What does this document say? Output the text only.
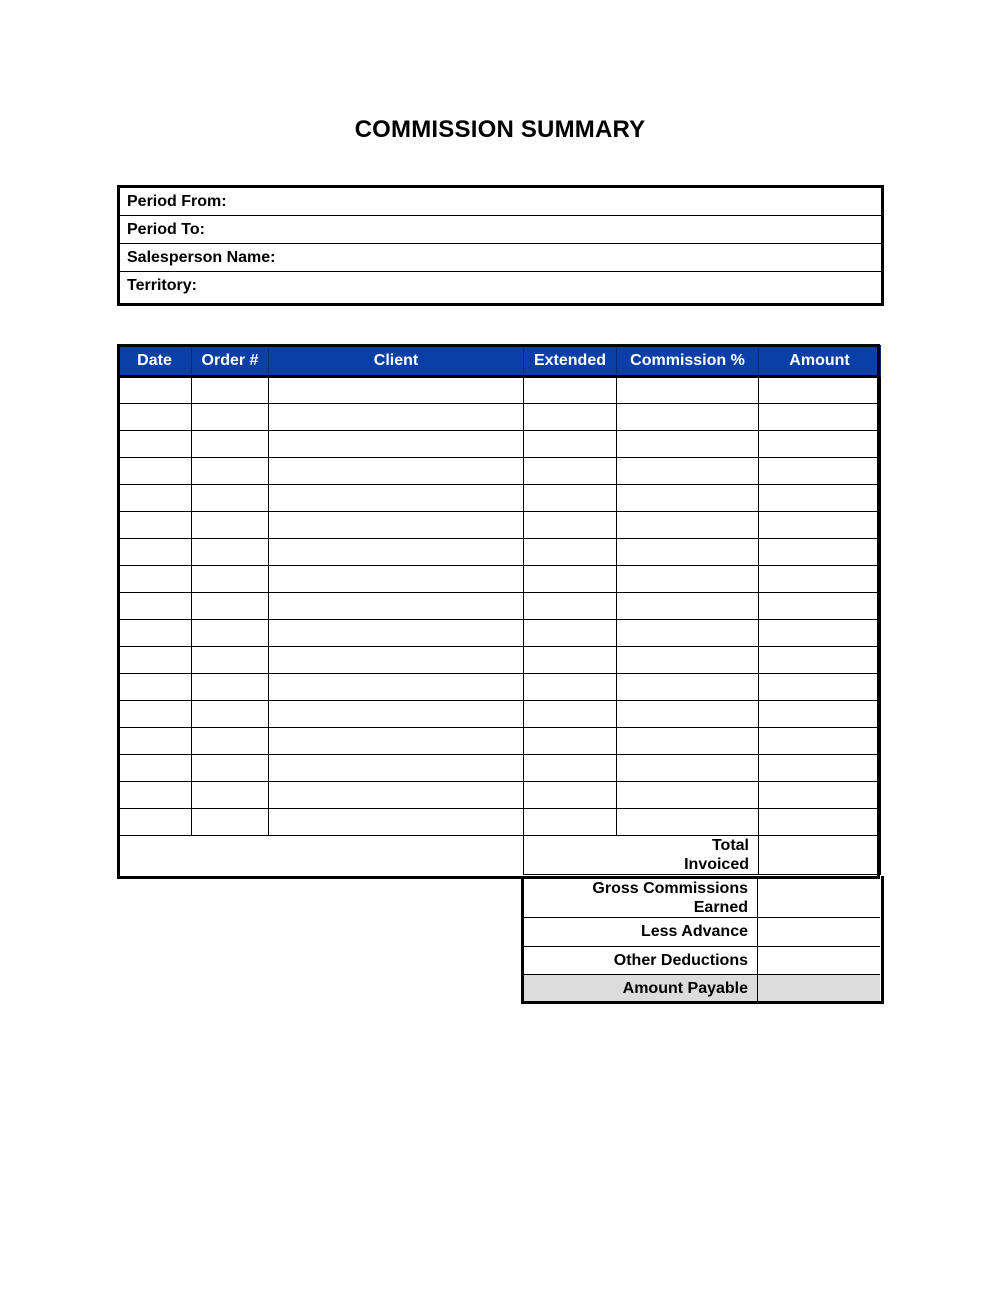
COMMISSION SUMMARY
Period From:
Period To:
Salesperson Name:
Territory:
Date	Order #	Client	Extended	Commission %	Amount

			Total
Invoiced		

Gross Commissions
Earned
Less Advance
Other Deductions
Amount Payable
